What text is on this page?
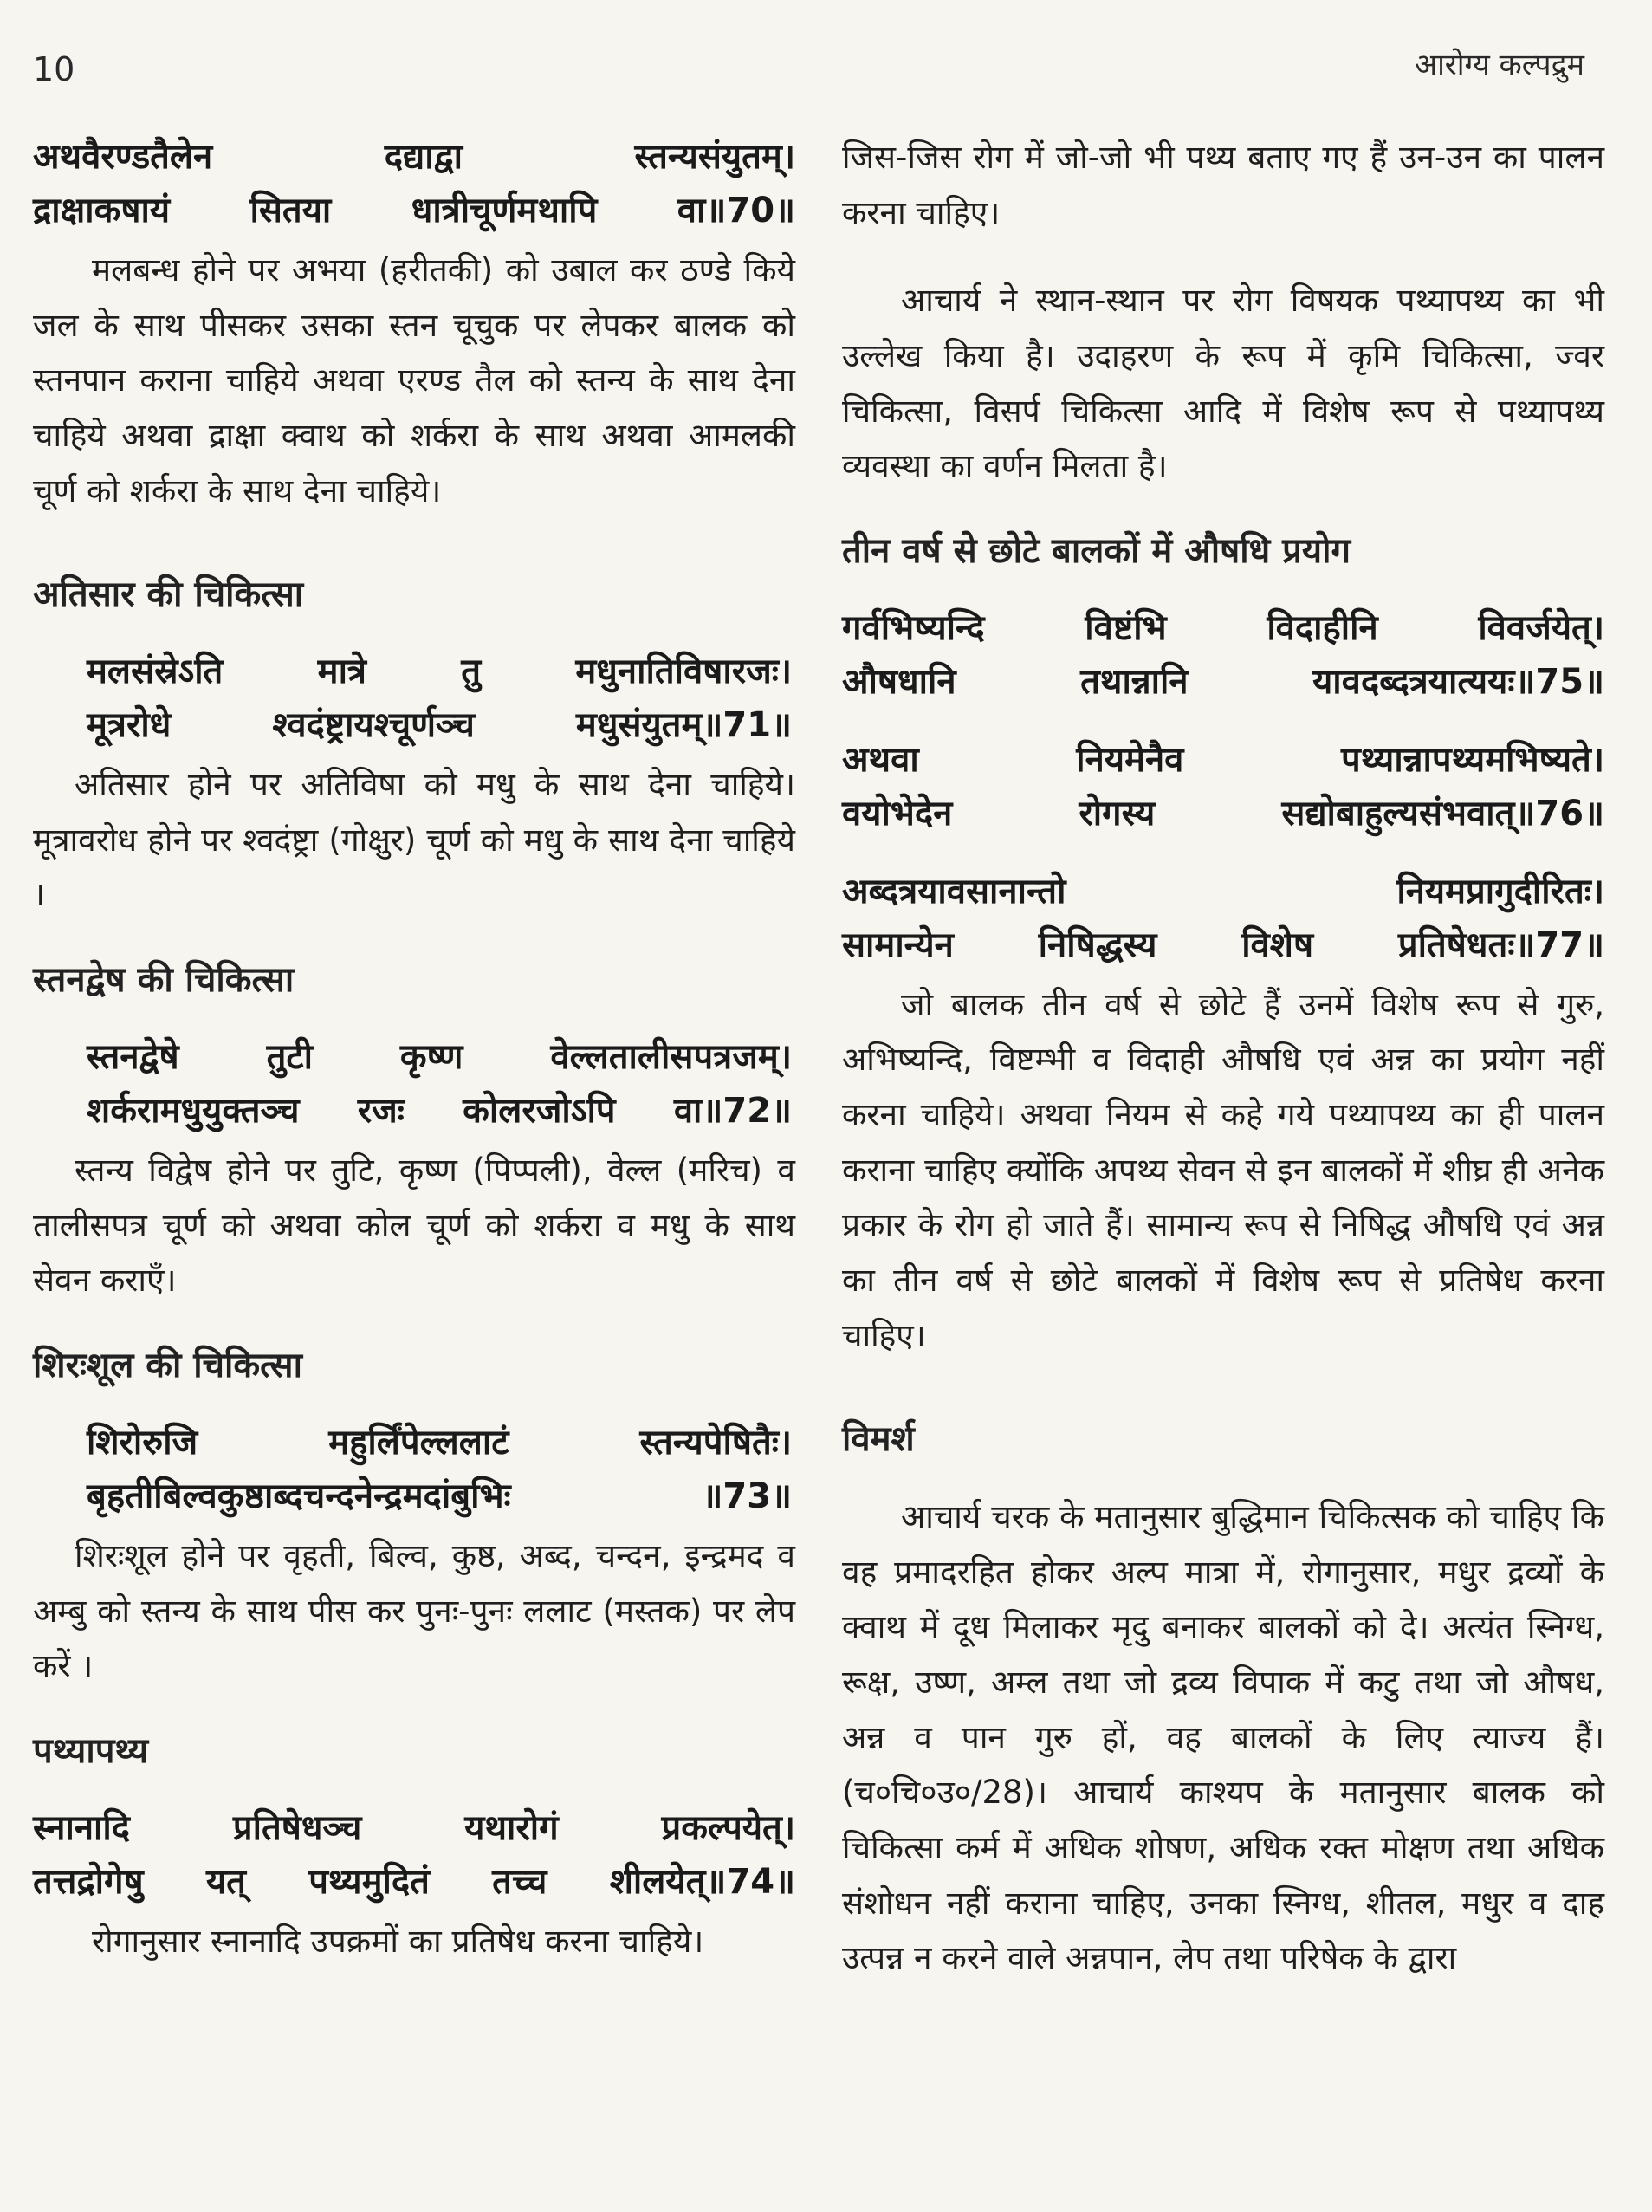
10	आरोग्य कल्पद्रुम
अथवैरण्डतैलेन दद्याद्वा स्तन्यसंयुतम्।
द्राक्षाकषायं सितया धात्रीचूर्णमथापि वा॥70॥

मलबन्ध होने पर अभया (हरीतकी) को उबाल कर ठण्डे किये जल के साथ पीसकर उसका स्तन चूचुक पर लेपकर बालक को स्तनपान कराना चाहिये अथवा एरण्ड तैल को स्तन्य के साथ देना चाहिये अथवा द्राक्षा क्वाथ को शर्करा के साथ अथवा आमलकी चूर्ण को शर्करा के साथ देना चाहिये।

अतिसार की चिकित्सा
मलसंस्रेऽति मात्रे तु मधुनातिविषारजः।
मूत्ररोधे श्वदंष्ट्रायश्चूर्णञ्च मधुसंयुतम्॥71॥

अतिसार होने पर अतिविषा को मधु के साथ देना चाहिये। मूत्रावरोध होने पर श्वदंष्ट्रा (गोक्षुर) चूर्ण को मधु के साथ देना चाहिये ।

स्तनद्वेष की चिकित्सा
स्तनद्वेषे तुटी कृष्ण वेल्लतालीसपत्रजम्।
शर्करामधुयुक्तञ्च रजः कोलरजोऽपि वा॥72॥

स्तन्य विद्वेष होने पर तुटि, कृष्ण (पिप्पली), वेल्ल (मरिच) व तालीसपत्र चूर्ण को अथवा कोल चूर्ण को शर्करा व मधु के साथ सेवन कराएँ।

शिरःशूल की चिकित्सा
शिरोरुजि महुर्लिंपेल्ललाटं स्तन्यपेषितैः।
बृहतीबिल्वकुष्ठाब्दचन्दनेन्द्रमदांबुभिः ॥73॥

शिरःशूल होने पर वृहती, बिल्व, कुष्ठ, अब्द, चन्दन, इन्द्रमद व अम्बु को स्तन्य के साथ पीस कर पुनः-पुनः ललाट (मस्तक) पर लेप करें ।

पथ्यापथ्य
स्नानादि प्रतिषेधञ्च यथारोगं प्रकल्पयेत्।
तत्तद्रोगेषु यत् पथ्यमुदितं तच्च शीलयेत्॥74॥

रोगानुसार स्नानादि उपक्रमों का प्रतिषेध करना चाहिये।

जिस-जिस रोग में जो-जो भी पथ्य बताए गए हैं उन-उन का पालन करना चाहिए।

आचार्य ने स्थान-स्थान पर रोग विषयक पथ्यापथ्य का भी उल्लेख किया है। उदाहरण के रूप में कृमि चिकित्सा, ज्वर चिकित्सा, विसर्प चिकित्सा आदि में विशेष रूप से पथ्यापथ्य व्यवस्था का वर्णन मिलता है।

तीन वर्ष से छोटे बालकों में औषधि प्रयोग
गर्वभिष्यन्दि विष्टंभि विदाहीनि विवर्जयेत्।
औषधानि तथान्नानि यावदब्दत्रयात्ययः॥75॥
अथवा नियमेनैव पथ्यान्नापथ्यमभिष्यते।
वयोभेदेन रोगस्य सद्योबाहुल्यसंभवात्॥76॥
अब्दत्रयावसानान्तो नियमप्रागुदीरितः।
सामान्येन निषिद्धस्य विशेष प्रतिषेधतः॥77॥

जो बालक तीन वर्ष से छोटे हैं उनमें विशेष रूप से गुरु, अभिष्यन्दि, विष्टम्भी व विदाही औषधि एवं अन्न का प्रयोग नहीं करना चाहिये। अथवा नियम से कहे गये पथ्यापथ्य का ही पालन कराना चाहिए क्योंकि अपथ्य सेवन से इन बालकों में शीघ्र ही अनेक प्रकार के रोग हो जाते हैं। सामान्य रूप से निषिद्ध औषधि एवं अन्न का तीन वर्ष से छोटे बालकों में विशेष रूप से प्रतिषेध करना चाहिए।

विमर्श

आचार्य चरक के मतानुसार बुद्धिमान चिकित्सक को चाहिए कि वह प्रमादरहित होकर अल्प मात्रा में, रोगानुसार, मधुर द्रव्यों के क्वाथ में दूध मिलाकर मृदु बनाकर बालकों को दे। अत्यंत स्निग्ध, रूक्ष, उष्ण, अम्ल तथा जो द्रव्य विपाक में कटु तथा जो औषध, अन्न व पान गुरु हों, वह बालकों के लिए त्याज्य हैं। (च०चि०उ०/28)। आचार्य काश्यप के मतानुसार बालक को चिकित्सा कर्म में अधिक शोषण, अधिक रक्त मोक्षण तथा अधिक संशोधन नहीं कराना चाहिए, उनका स्निग्ध, शीतल, मधुर व दाह उत्पन्न न करने वाले अन्नपान, लेप तथा परिषेक के द्वारा
